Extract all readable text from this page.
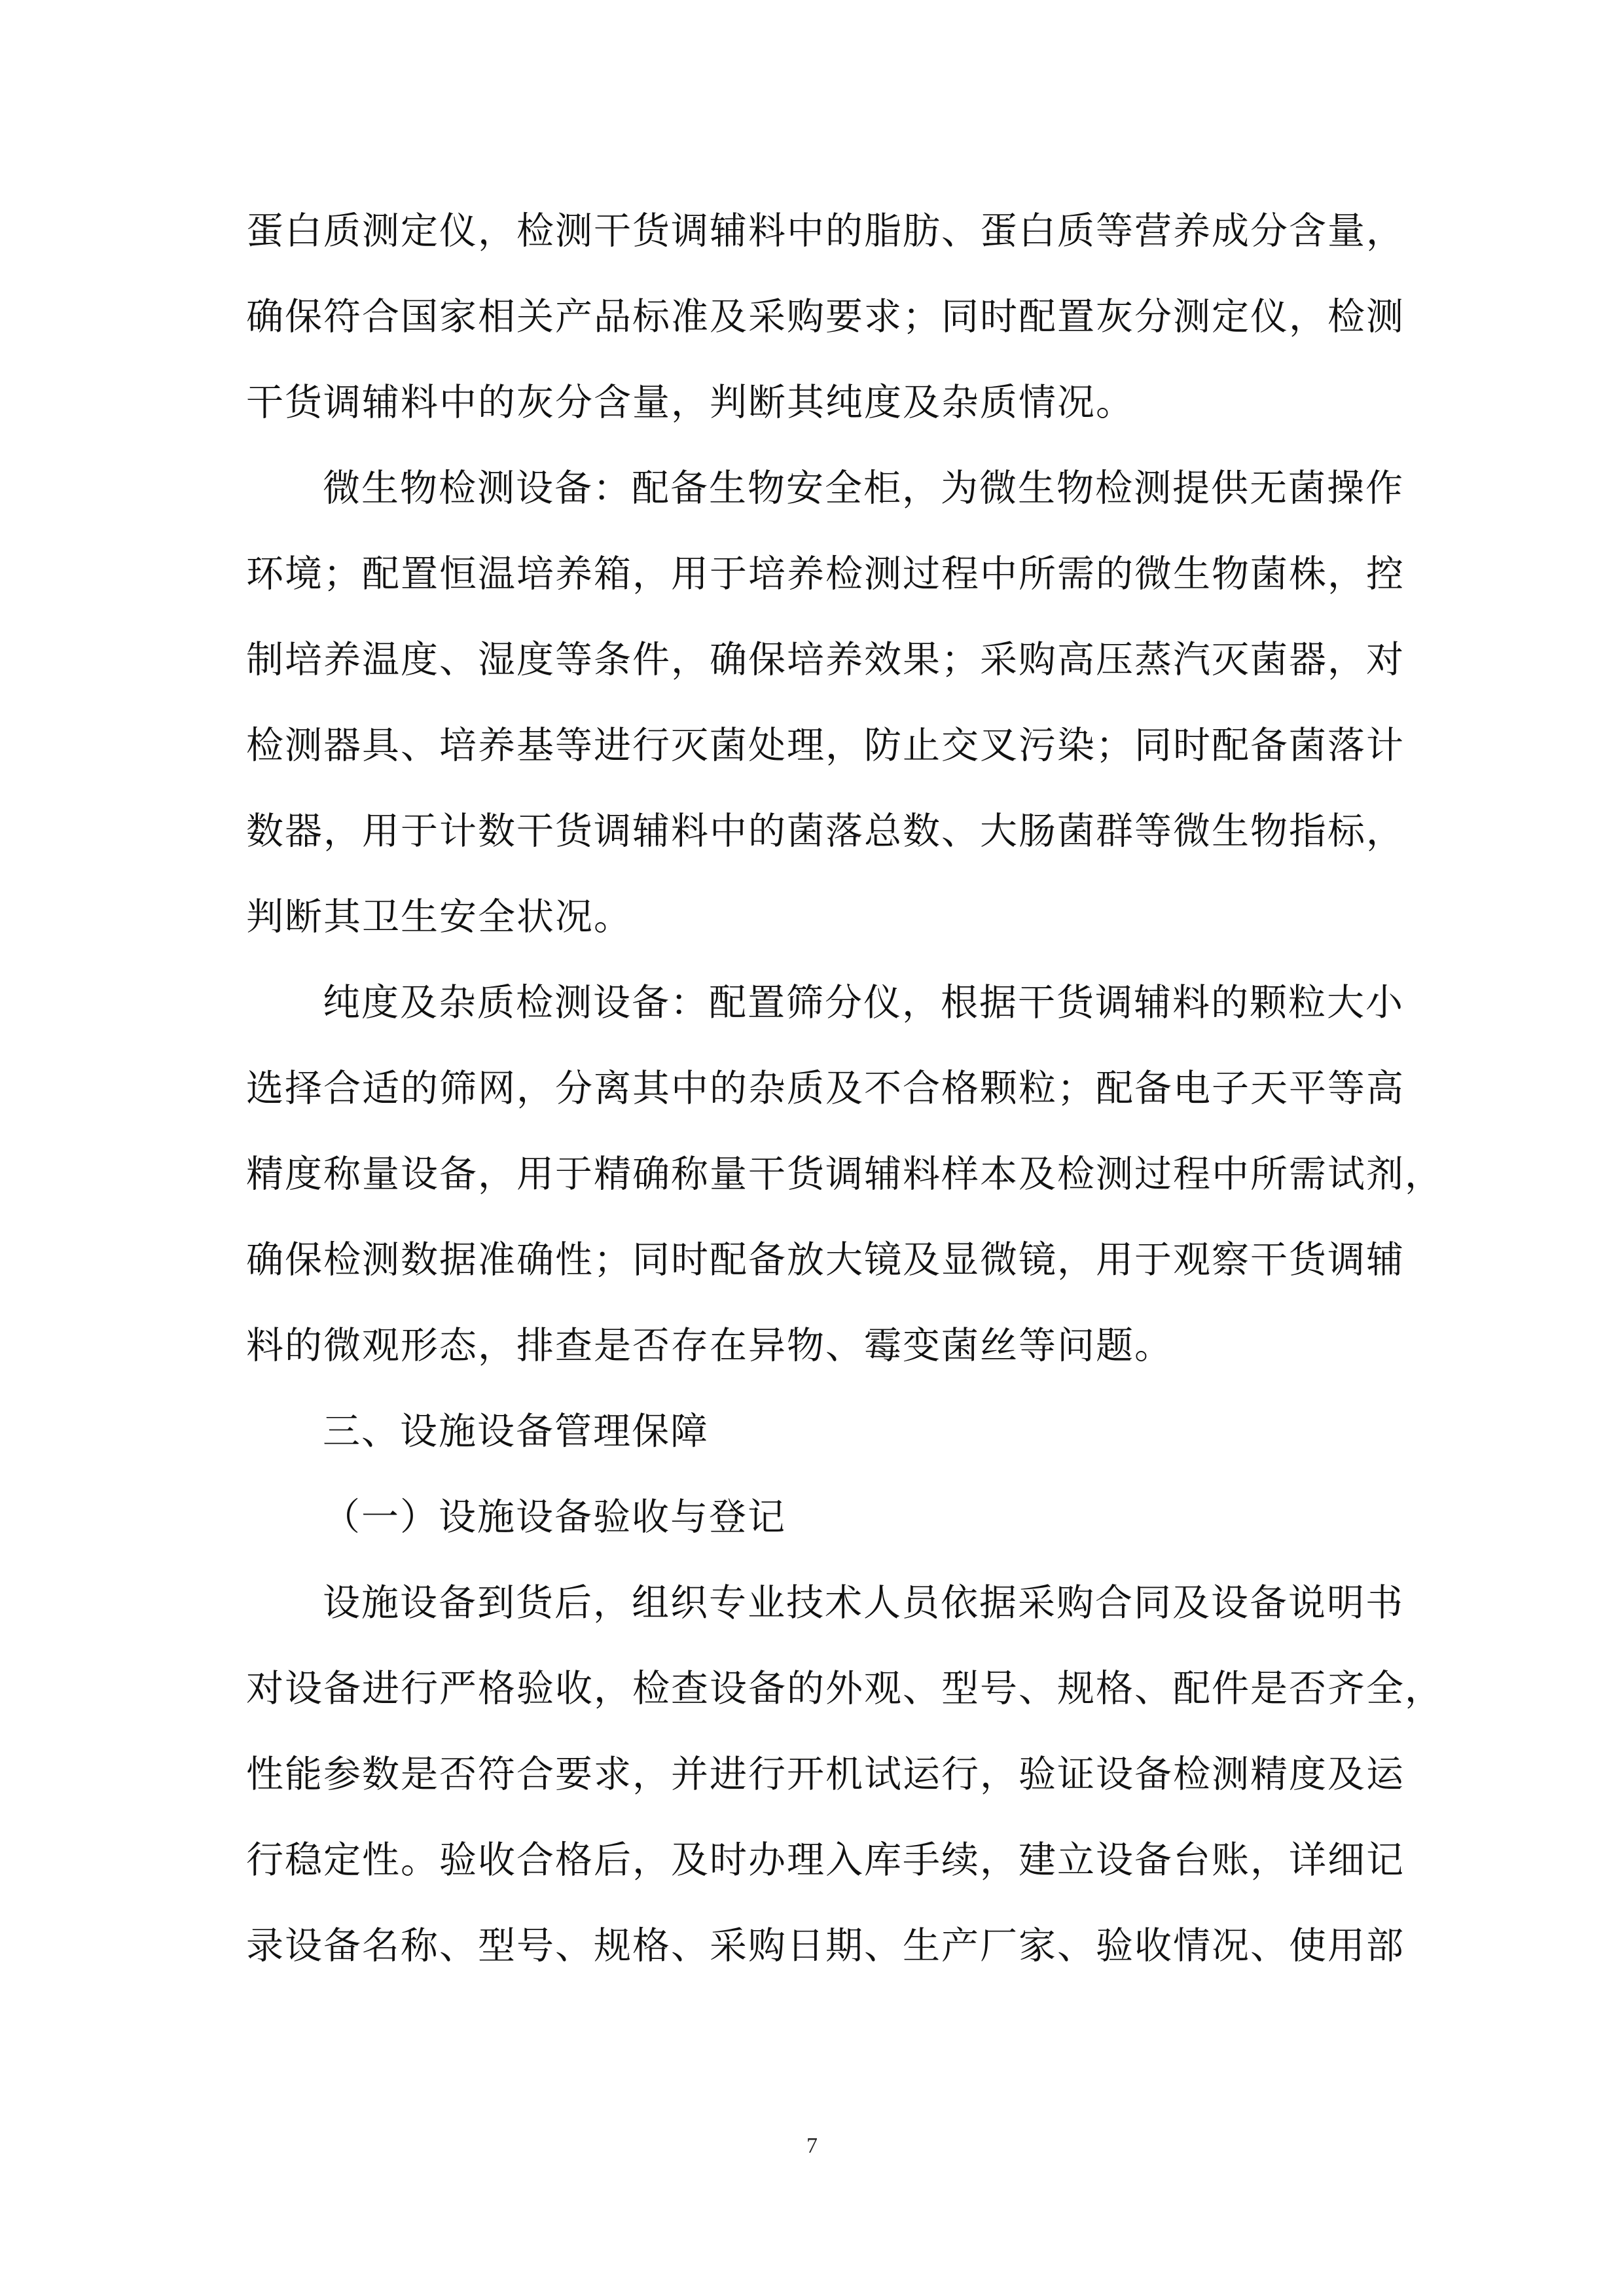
蛋白质测定仪，检测干货调辅料中的脂肪、蛋白质等营养成分含量，
确保符合国家相关产品标准及采购要求；同时配置灰分测定仪，检测
干货调辅料中的灰分含量，判断其纯度及杂质情况。
微生物检测设备：配备生物安全柜，为微生物检测提供无菌操作
环境；配置恒温培养箱，用于培养检测过程中所需的微生物菌株，控
制培养温度、湿度等条件，确保培养效果；采购高压蒸汽灭菌器，对
检测器具、培养基等进行灭菌处理，防止交叉污染；同时配备菌落计
数器，用于计数干货调辅料中的菌落总数、大肠菌群等微生物指标，
判断其卫生安全状况。
纯度及杂质检测设备：配置筛分仪，根据干货调辅料的颗粒大小
选择合适的筛网，分离其中的杂质及不合格颗粒；配备电子天平等高
精度称量设备，用于精确称量干货调辅料样本及检测过程中所需试剂，
确保检测数据准确性；同时配备放大镜及显微镜，用于观察干货调辅
料的微观形态，排查是否存在异物、霉变菌丝等问题。
三、设施设备管理保障
（一）设施设备验收与登记
设施设备到货后，组织专业技术人员依据采购合同及设备说明书
对设备进行严格验收，检查设备的外观、型号、规格、配件是否齐全，
性能参数是否符合要求，并进行开机试运行，验证设备检测精度及运
行稳定性。验收合格后，及时办理入库手续，建立设备台账，详细记
录设备名称、型号、规格、采购日期、生产厂家、验收情况、使用部
7
